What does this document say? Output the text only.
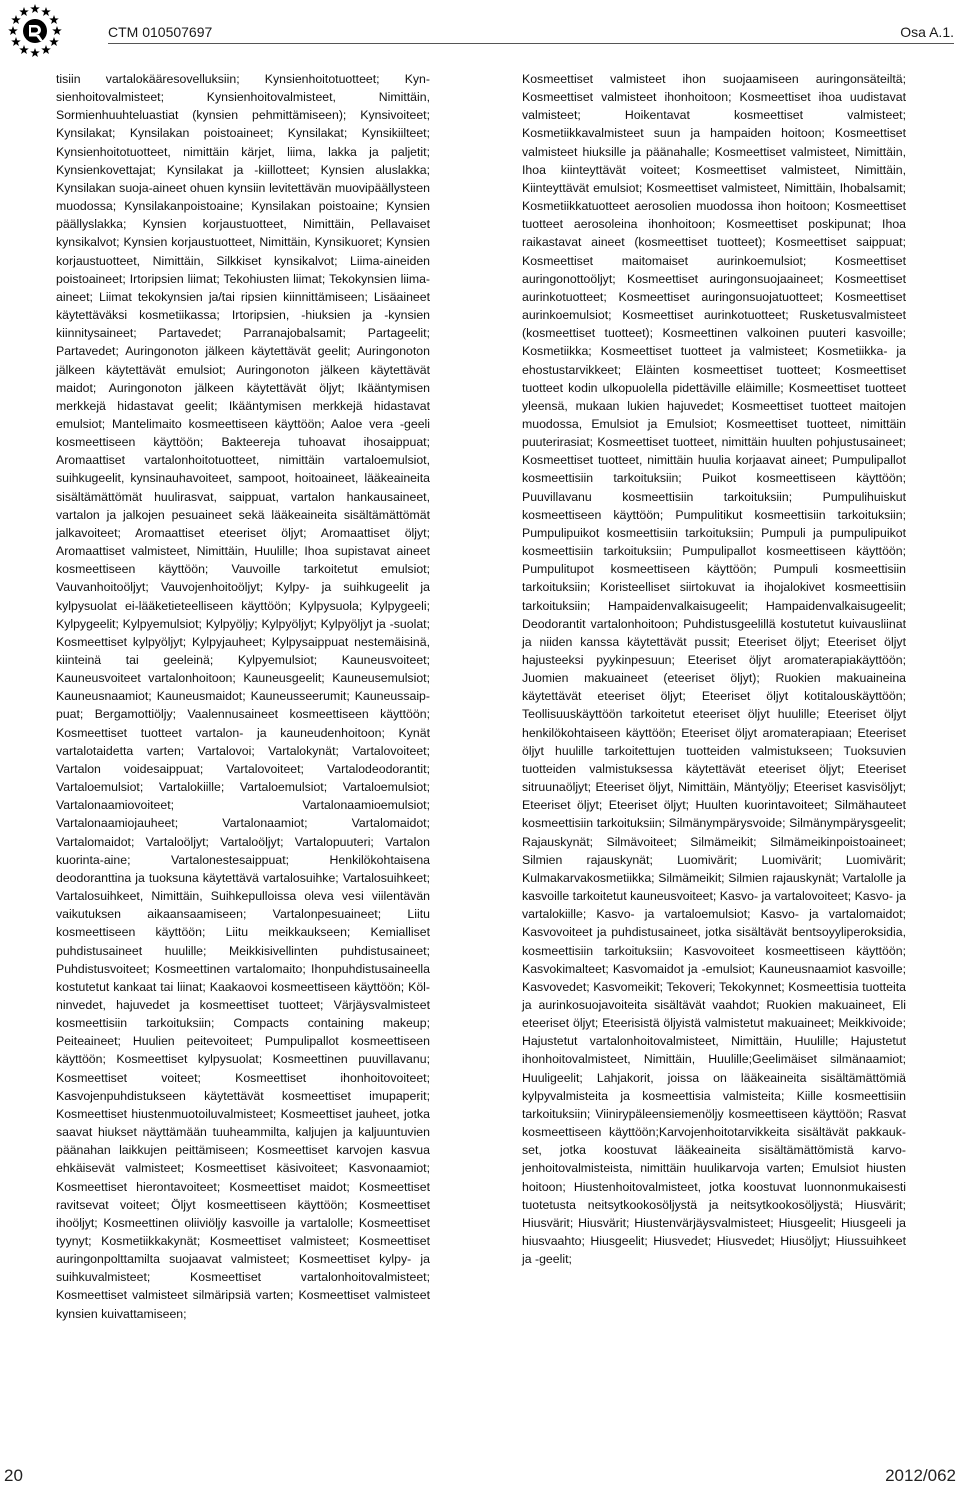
CTM 010507697	Osa A.1.
tisiin vartalokääresovelluksiin; Kynsienhoitotuotteet; Kynsienhoitovalmisteet; Kynsienhoitovalmisteet, Nimittäin, Sormienhuuhteluastiat (kynsien pehmittämiseen); Kynsivoiteet; Kynsilakat; Kynsilakan poistoaineet; Kynsilakat; Kynsikiilteet; Kynsienhoitotuotteet, nimittäin kärjet, liima, lakka ja paljetit; Kynsienkovettajat; Kynsilakat ja -kiillotteet; Kynsien aluslakka; Kynsilakan suoja-aineet ohuen kynsiin levitettävän muovipäällysteen muodossa; Kynsilakanpoistoaine; Kynsilakan poistoaine; Kynsien päällyslakka; Kynsien korjaustuotteet, Nimittäin, Pellavaiset kynsikalvot; Kynsien korjaustuotteet, Nimittäin, Kynsikuoret; Kynsien korjaustuotteet, Nimittäin, Silkkiset kynsikalvot; Liima-aineiden poistoaineet; Irtoripsien liimat; Tekohiusten liimat; Tekokynsien liima-aineet; Liimat tekokynsien ja/tai ripsien kiinnittämiseen; Lisäaineet käytettäväksi kosmetiikassa; Irtoripsien, -hiuksien ja -kynsien kiinnitysaineet; Partavedet; Parranajobalsamit; Partageelit; Partavedet; Auringonoton jälkeen käytettävät geelit; Auringonoton jälkeen käytettävät emulsiot; Auringonoton jälkeen käytettävät maidot; Auringonoton jälkeen käytettävät öljyt; Ikääntymisen merkkejä hidastavat geelit; Ikääntymisen merkkejä hidastavat emulsiot; Mantelimaito kosmeettiseen käyttöön; Aaloe vera -geeli kosmeettiseen käyttöön; Bakteereja tuhoavat ihosaippuat; Aromaattiset vartalonhoitotuotteet, nimittäin vartaloemulsiot, suihkugeelit, kynsinauhavoiteet, sampoot, hoitoaineet, lääkeaineita sisältämättömät huulirasvat, saippuat, vartalon hankausaineet, vartalon ja jalkojen pesuaineet sekä lääkeaineita sisältämättömät jalkavoiteet; Aromaattiset eteeriset öljyt; Aromaattiset öljyt; Aromaattiset valmisteet, Nimittäin, Huulille; Ihoa supistavat aineet kosmeettiseen käyttöön; Vauvoille tarkoitetut emulsiot; Vauvanhoitoöljyt; Vauvojenhoitoöljyt; Kylpy- ja suihkugeelit ja kylpysuolat ei-lääketieteelliseen käyttöön; Kylpysuola; Kylpygeeli; Kylpygeelit; Kylpyemulsiot; Kylpyöljy; Kylpyöljyt; Kylpyöljyt ja -suolat; Kosmeettiset kylpyöljyt; Kylpyjauheet; Kylpysaippuat nestemäisinä, kiinteinä tai geeleinä; Kylpyemulsiot; Kauneusvoiteet; Kauneusvoiteet vartalonhoitoon; Kauneusgeelit; Kauneusemulsiot; Kauneusnaamiot; Kauneusmaidot; Kauneusseerumit; Kauneussaippuat; Bergamottiöljy; Vaalennusaineet kosmeettiseen käyttöön; Kosmeettiset tuotteet vartalon- ja kauneudenhoitoon; Kynät vartalotaidetta varten; Vartalovoi; Vartalokynät; Vartalovoiteet; Vartalon voidesaippuat; Vartalovoiteet; Vartalodeodorantit; Vartaloemulsiot; Vartalokiille; Vartaloemulsiot; Vartaloemulsiot; Vartalonaamiovoiteet; Vartalonaamioemulsiot; Vartalonaamiojauheet; Vartalonaamiot; Vartalomaidot; Vartalomaidot; Vartaloöljyt; Vartaloöljyt; Vartalopuuteri; Vartalon kuorinta-aine; Vartalonestesaippuat; Henkilökohtaisena deodoranttina ja tuoksuna käytettävä vartalosuihke; Vartalosuihkeet; Vartalosuihkeet, Nimittäin, Suihkepulloissa oleva vesi viilentävän vaikutuksen aikaansaamiseen; Vartalonpesuaineet; Liitu kosmeettiseen käyttöön; Liitu meikkaukseen; Kemialliset puhdistusaineet huulille; Meikkisivellinten puhdistusaineet; Puhdistusvoiteet; Kosmeettinen vartalomaito; Ihonpuhdistusaineella kostutetut kankaat tai liinat; Kaakaovoi kosmeettiseen käyttöön; Kölninvedet, hajuvedet ja kosmeettiset tuotteet; Värjäysvalmisteet kosmeettisiin tarkoituksiin; Compacts containing makeup; Peiteaineet; Huulien peitevoiteet; Pumpulipallot kosmeettiseen käyttöön; Kosmeettiset kylpysuolat; Kosmeettinen puuvillavanu; Kosmeettiset voiteet; Kosmeettiset ihonhoitovoiteet; Kasvojenpuhdistukseen käytettävät kosmeettiset imupaperit; Kosmeettiset hiustenmuotoiluvalmisteet; Kosmeettiset jauheet, jotka saavat hiukset näyttämään tuuheammilta, kaljujen ja kaljuuntuvien päänahan laikkujen peittämiseen; Kosmeettiset karvojen kasvua ehkäisevät valmisteet; Kosmeettiset käsivoiteet; Kasvonaamiot; Kosmeettiset hierontavoiteet; Kosmeettiset maidot; Kosmeettiset ravitsevat voiteet; Öljyt kosmeettiseen käyttöön; Kosmeettiset ihoöljyt; Kosmeettinen oliiviöljy kasvoille ja vartalolle; Kosmeettiset tyynyt; Kosmetiikkakynät; Kosmeettiset valmisteet; Kosmeettiset auringonpolttamilta suojaavat valmisteet; Kosmeettiset kylpy- ja suihkuvalmisteet; Kosmeettiset vartalonhoitovalmisteet; Kosmeettiset valmisteet silmäripsiä varten; Kosmeettiset valmisteet kynsien kuivattamiseen;
Kosmeettiset valmisteet ihon suojaamiseen auringonsäteiltä; Kosmeettiset valmisteet ihonhoitoon; Kosmeettiset ihoa uudistavat valmisteet; Hoikentavat kosmeettiset valmisteet; Kosmetiikkavalmisteet suun ja hampaiden hoitoon; Kosmeettiset valmisteet hiuksille ja päänahalle; Kosmeettiset valmisteet, Nimittäin, Ihoa kiinteyttävät voiteet; Kosmeettiset valmisteet, Nimittäin, Kiinteyttävät emulsiot; Kosmeettiset valmisteet, Nimittäin, Ihobalsamit; Kosmetiikkatuotteet aerosolien muodossa ihon hoitoon; Kosmeettiset tuotteet aerosoleina ihonhoitoon; Kosmeettiset poskipunat; Ihoa raikastavat aineet (kosmeettiset tuotteet); Kosmeettiset saippuat; Kosmeettiset maitomaiset aurinkoemulsiot; Kosmeettiset auringonottoöljyt; Kosmeettiset auringonsuojaaineet; Kosmeettiset aurinkotuotteet; Kosmeettiset auringonsuojatuotteet; Kosmeettiset aurinkoemulsiot; Kosmeettiset aurinkotuotteet; Rusketusvalmisteet (kosmeettiset tuotteet); Kosmeettinen valkoinen puuteri kasvoille; Kosmetiikka; Kosmeettiset tuotteet ja valmisteet; Kosmetiikka- ja ehostustarvikkeet; Eläinten kosmeettiset tuotteet; Kosmeettiset tuotteet kodin ulkopuolella pidettäville eläimille; Kosmeettiset tuotteet yleensä, mukaan lukien hajuvedet; Kosmeettiset tuotteet maitojen muodossa, Emulsiot ja Emulsiot; Kosmeettiset tuotteet, nimittäin puuterirasiat; Kosmeettiset tuotteet, nimittäin huulten pohjustusaineet; Kosmeettiset tuotteet, nimittäin huulia korjaavat aineet; Pumpulipallot kosmeettisiin tarkoituksiin; Puikot kosmeettiseen käyttöön; Puuvillavanu kosmeettisiin tarkoituksiin; Pumpulihuiskut kosmeettiseen käyttöön; Pumpulitikut kosmeettisiin tarkoituksiin; Pumpulipuikot kosmeettisiin tarkoituksiin; Pumpuli ja pumpulipuikot kosmeettisiin tarkoituksiin; Pumpulipallot kosmeettiseen käyttöön; Pumpulitupot kosmeettiseen käyttöön; Pumpuli kosmeettisiin tarkoituksiin; Koristeelliset siirtokuvat ia ihojalokivet kosmeettisiin tarkoituksiin; Hampaidenvalkaisugeelit; Hampaidenvalkaisugeelit; Deodorantit vartalonhoitoon; Puhdistusgeelillä kostutetut kuivausliinat ja niiden kanssa käytettävät pussit; Eteeriset öljyt; Eteeriset öljyt hajusteeksi pyykinpesuun; Eteeriset öljyt aromaterapiakäyttöön; Juomien makuaineet (eteeriset öljyt); Ruokien makuaineina käytettävät eteeriset öljyt; Eteeriset öljyt kotitalouskäyttöön; Teollisuuskäyttöön tarkoitetut eteeriset öljyt huulille; Eteeriset öljyt henkilökohtaiseen käyttöön; Eteeriset öljyt aromaterapiaan; Eteeriset öljyt huulille tarkoitettujen tuotteiden valmistukseen; Tuoksuvien tuotteiden valmistuksessa käytettävät eteeriset öljyt; Eteeriset sitruunaöljyt; Eteeriset öljyt, Nimittäin, Mäntyöljy; Eteeriset kasvisöljyt; Eteeriset öljyt; Eteeriset öljyt; Huulten kuorintavoiteet; Silmähauteet kosmeettisiin tarkoituksiin; Silmänympärysvoide; Silmänympärysgeelit; Rajauskynät; Silmävoiteet; Silmämeikit; Silmämeikinpoistoaineet; Silmien rajauskynät; Luomivärit; Luomivärit; Luomivärit; Kulmakarvakosmetiikka; Silmämeikit; Silmien rajauskynät; Vartalolle ja kasvoille tarkoitetut kauneusvoiteet; Kasvo- ja vartalovoiteet; Kasvo- ja vartalokiille; Kasvo- ja vartaloemulsiot; Kasvo- ja vartalomaidot; Kasvovoiteet ja puhdistusaineet, jotka sisältävät bentsoyyliperoksidia, kosmeettisiin tarkoituksiin; Kasvovoiteet kosmeettiseen käyttöön; Kasvokimalteet; Kasvomaidot ja -emulsiot; Kauneusnaamiot kasvoille; Kasvovedet; Kasvomeikit; Tekoveri; Tekokynnet; Kosmeettisia tuotteita ja aurinkosuojavoiteita sisältävät vaahdot; Ruokien makuaineet, Eli eteeriset öljyt; Eteerisistä öljyistä valmistetut makuaineet; Meikkivoide; Hajustetut vartalonhoitovalmisteet, Nimittäin, Huulille; Hajustetut ihonhoitovalmisteet, Nimittäin, Huulille;Geelimäiset silmänaamiot; Huuligeelit; Lahjakorit, joissa on lääkeaineita sisältämättömiä kylpyvalmisteita ja kosmeettisia valmisteita; Kiille kosmeettisiin tarkoituksiin; Viinirypäleensiemenöljy kosmeettiseen käyttöön; Rasvat kosmeettiseen käyttöön;Karvojenhoitotarvikkeita sisältävät pakkaukset, jotka koostuvat lääkeaineita sisältämättömistä karvojenhoitovalmisteista, nimittäin huulikarvoja varten; Emulsiot hiusten hoitoon; Hiustenhoitovalmisteet, jotka koostuvat luonnonmukaisesti tuotetusta neitsytkookosöljystä ja neitsytkookosöljystä; Hiusvärit; Hiusvärit; Hiusvärit; Hiustenvärjäysvalmisteet; Hiusgeelit; Hiusgeeli ja hiusvaahto; Hiusgeelit; Hiusvedet; Hiusvedet; Hiusöljyt; Hiussuihkeet ja -geelit;
20	2012/062
